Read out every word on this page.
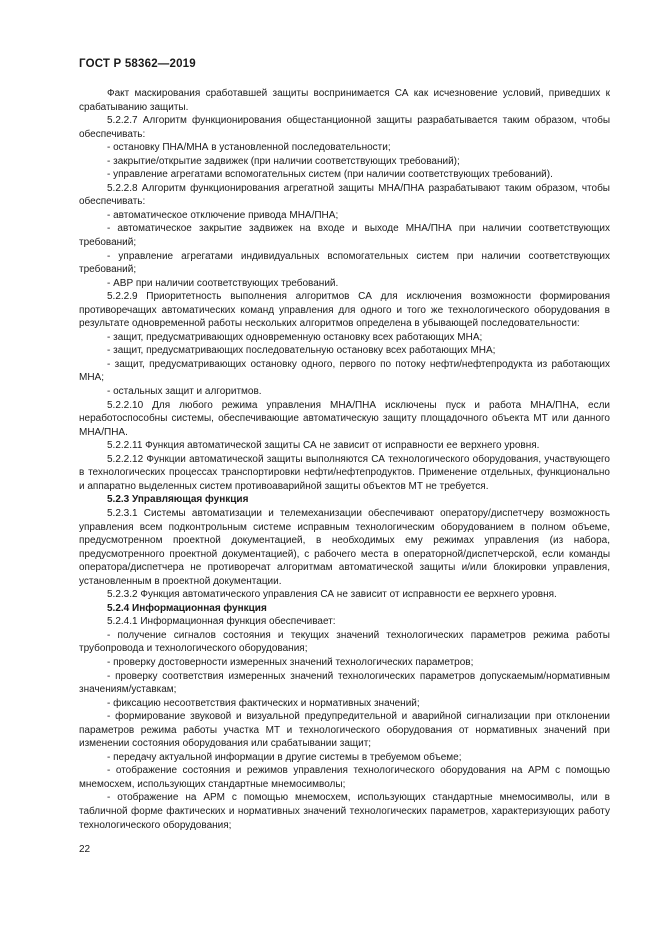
ГОСТ Р 58362—2019

Факт маскирования сработавшей защиты воспринимается СА как исчезновение условий, приведших к срабатыванию защиты.

5.2.2.7 Алгоритм функционирования общестанционной защиты разрабатывается таким образом, чтобы обеспечивать:

- остановку ПНА/МНА в установленной последовательности;

- закрытие/открытие задвижек (при наличии соответствующих требований);

- управление агрегатами вспомогательных систем (при наличии соответствующих требований).

5.2.2.8 Алгоритм функционирования агрегатной защиты МНА/ПНА разрабатывают таким образом, чтобы обеспечивать:

- автоматическое отключение привода МНА/ПНА;

- автоматическое закрытие задвижек на входе и выходе МНА/ПНА при наличии соответствующих требований;

- управление агрегатами индивидуальных вспомогательных систем при наличии соответствующих требований;

- АВР при наличии соответствующих требований.

5.2.2.9 Приоритетность выполнения алгоритмов СА для исключения возможности формирования противоречащих автоматических команд управления для одного и того же технологического оборудования в результате одновременной работы нескольких алгоритмов определена в убывающей последовательности:

- защит, предусматривающих одновременную остановку всех работающих МНА;

- защит, предусматривающих последовательную остановку всех работающих МНА;

- защит, предусматривающих остановку одного, первого по потоку нефти/нефтепродукта из работающих МНА;

- остальных защит и алгоритмов.

5.2.2.10 Для любого режима управления МНА/ПНА исключены пуск и работа МНА/ПНА, если неработоспособны системы, обеспечивающие автоматическую защиту площадочного объекта МТ или данного МНА/ПНА.

5.2.2.11 Функция автоматической защиты СА не зависит от исправности ее верхнего уровня.

5.2.2.12 Функции автоматической защиты выполняются СА технологического оборудования, участвующего в технологических процессах транспортировки нефти/нефтепродуктов. Применение отдельных, функционально и аппаратно выделенных систем противоаварийной защиты объектов МТ не требуется.

5.2.3 Управляющая функция

5.2.3.1 Системы автоматизации и телемеханизации обеспечивают оператору/диспетчеру возможность управления всем подконтрольным системе исправным технологическим оборудованием в полном объеме, предусмотренном проектной документацией, в необходимых ему режимах управления (из набора, предусмотренного проектной документацией), с рабочего места в операторной/диспетчерской, если команды оператора/диспетчера не противоречат алгоритмам автоматической защиты и/или блокировки управления, установленным в проектной документации.

5.2.3.2 Функция автоматического управления СА не зависит от исправности ее верхнего уровня.

5.2.4 Информационная функция

5.2.4.1 Информационная функция обеспечивает:

- получение сигналов состояния и текущих значений технологических параметров режима работы трубопровода и технологического оборудования;

- проверку достоверности измеренных значений технологических параметров;

- проверку соответствия измеренных значений технологических параметров допускаемым/нормативным значениям/уставкам;

- фиксацию несоответствия фактических и нормативных значений;

- формирование звуковой и визуальной предупредительной и аварийной сигнализации при отклонении параметров режима работы участка МТ и технологического оборудования от нормативных значений при изменении состояния оборудования или срабатывании защит;

- передачу актуальной информации в другие системы в требуемом объеме;

- отображение состояния и режимов управления технологического оборудования на АРМ с помощью мнемосхем, использующих стандартные мнемосимволы;

- отображение на АРМ с помощью мнемосхем, использующих стандартные мнемосимволы, или в табличной форме фактических и нормативных значений технологических параметров, характеризующих работу технологического оборудования;

22
